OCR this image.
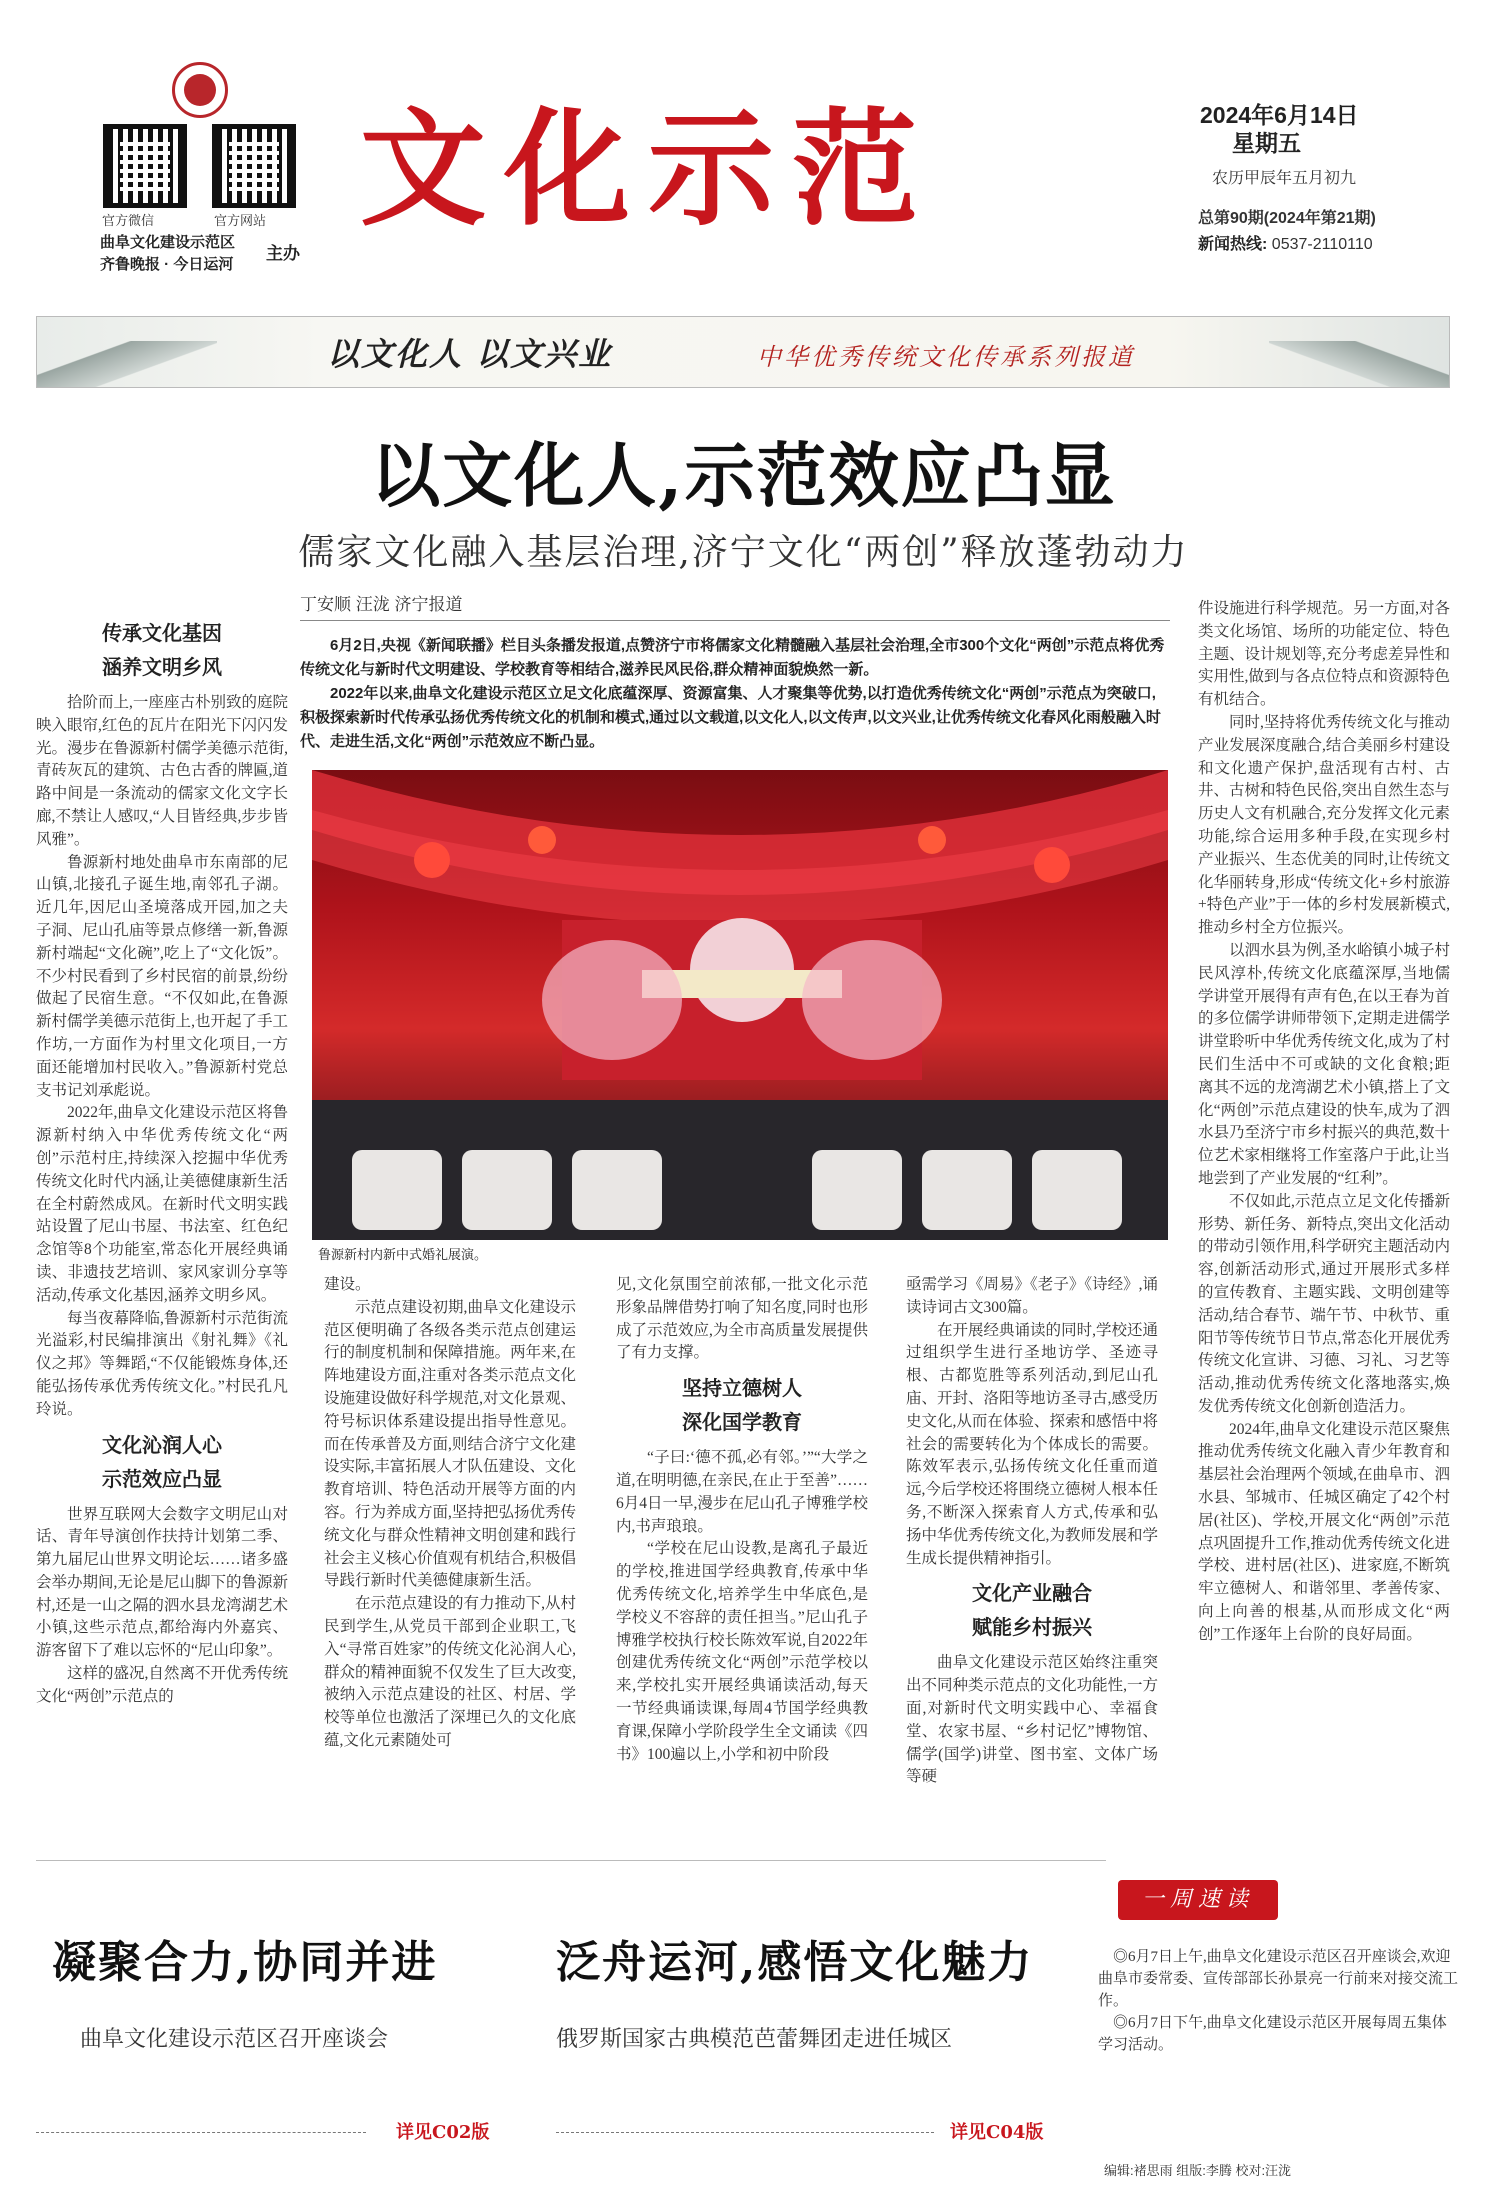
官方微信	官方网站
曲阜文化建设示范区
齐鲁晚报 · 今日运河
主办
文化示范	2024年6月14日
星期五
农历甲辰年五月初九
总第90期(2024年第21期)
新闻热线: 0537-2110110
以文化人 以文兴业	中华优秀传统文化传承系列报道
以文化人,示范效应凸显
儒家文化融入基层治理,济宁文化“两创”释放蓬勃动力
丁安顺 汪泷 济宁报道

6月2日,央视《新闻联播》栏目头条播发报道,点赞济宁市将儒家文化精髓融入基层社会治理,全市300个文化“两创”示范点将优秀传统文化与新时代文明建设、学校教育等相结合,滋养民风民俗,群众精神面貌焕然一新。

2022年以来,曲阜文化建设示范区立足文化底蕴深厚、资源富集、人才聚集等优势,以打造优秀传统文化“两创”示范点为突破口,积极探索新时代传承弘扬优秀传统文化的机制和模式,通过以文载道,以文化人,以文传声,以文兴业,让优秀传统文化春风化雨般融入时代、走进生活,文化“两创”示范效应不断凸显。

鲁源新村内新中式婚礼展演。
传承文化基因
涵养文明乡风

拾阶而上,一座座古朴别致的庭院映入眼帘,红色的瓦片在阳光下闪闪发光。漫步在鲁源新村儒学美德示范街,青砖灰瓦的建筑、古色古香的牌匾,道路中间是一条流动的儒家文化文字长廊,不禁让人感叹,“人目皆经典,步步皆风雅”。

鲁源新村地处曲阜市东南部的尼山镇,北接孔子诞生地,南邻孔子湖。近几年,因尼山圣境落成开园,加之夫子洞、尼山孔庙等景点修缮一新,鲁源新村端起“文化碗”,吃上了“文化饭”。不少村民看到了乡村民宿的前景,纷纷做起了民宿生意。“不仅如此,在鲁源新村儒学美德示范街上,也开起了手工作坊,一方面作为村里文化项目,一方面还能增加村民收入。”鲁源新村党总支书记刘承彪说。

2022年,曲阜文化建设示范区将鲁源新村纳入中华优秀传统文化“两创”示范村庄,持续深入挖掘中华优秀传统文化时代内涵,让美德健康新生活在全村蔚然成风。在新时代文明实践站设置了尼山书屋、书法室、红色纪念馆等8个功能室,常态化开展经典诵读、非遗技艺培训、家风家训分享等活动,传承文化基因,涵养文明乡风。

每当夜幕降临,鲁源新村示范街流光溢彩,村民编排演出《射礼舞》《礼仪之邦》等舞蹈,“不仅能锻炼身体,还能弘扬传承优秀传统文化。”村民孔凡玲说。

文化沁润人心
示范效应凸显

世界互联网大会数字文明尼山对话、青年导演创作扶持计划第二季、第九届尼山世界文明论坛……诸多盛会举办期间,无论是尼山脚下的鲁源新村,还是一山之隔的泗水县龙湾湖艺术小镇,这些示范点,都给海内外嘉宾、游客留下了难以忘怀的“尼山印象”。

这样的盛况,自然离不开优秀传统文化“两创”示范点的

建设。

示范点建设初期,曲阜文化建设示范区便明确了各级各类示范点创建运行的制度机制和保障措施。两年来,在阵地建设方面,注重对各类示范点文化设施建设做好科学规范,对文化景观、符号标识体系建设提出指导性意见。而在传承普及方面,则结合济宁文化建设实际,丰富拓展人才队伍建设、文化教育培训、特色活动开展等方面的内容。行为养成方面,坚持把弘扬优秀传统文化与群众性精神文明创建和践行社会主义核心价值观有机结合,积极倡导践行新时代美德健康新生活。

在示范点建设的有力推动下,从村民到学生,从党员干部到企业职工,飞入“寻常百姓家”的传统文化沁润人心,群众的精神面貌不仅发生了巨大改变,被纳入示范点建设的社区、村居、学校等单位也激活了深埋已久的文化底蕴,文化元素随处可

见,文化氛围空前浓郁,一批文化示范形象品牌借势打响了知名度,同时也形成了示范效应,为全市高质量发展提供了有力支撑。

坚持立德树人
深化国学教育

“子曰:‘德不孤,必有邻。’”“大学之道,在明明德,在亲民,在止于至善”……6月4日一早,漫步在尼山孔子博雅学校内,书声琅琅。

“学校在尼山设教,是离孔子最近的学校,推进国学经典教育,传承中华优秀传统文化,培养学生中华底色,是学校义不容辞的责任担当。”尼山孔子博雅学校执行校长陈效军说,自2022年创建优秀传统文化“两创”示范学校以来,学校扎实开展经典诵读活动,每天一节经典诵读课,每周4节国学经典教育课,保障小学阶段学生全文诵读《四书》100遍以上,小学和初中阶段

亟需学习《周易》《老子》《诗经》,诵读诗词古文300篇。

在开展经典诵读的同时,学校还通过组织学生进行圣地访学、圣迹寻根、古都览胜等系列活动,到尼山孔庙、开封、洛阳等地访圣寻古,感受历史文化,从而在体验、探索和感悟中将社会的需要转化为个体成长的需要。陈效军表示,弘扬传统文化任重而道远,今后学校还将围绕立德树人根本任务,不断深入探索育人方式,传承和弘扬中华优秀传统文化,为教师发展和学生成长提供精神指引。

文化产业融合
赋能乡村振兴

曲阜文化建设示范区始终注重突出不同种类示范点的文化功能性,一方面,对新时代文明实践中心、幸福食堂、农家书屋、“乡村记忆”博物馆、儒学(国学)讲堂、图书室、文体广场等硬

件设施进行科学规范。另一方面,对各类文化场馆、场所的功能定位、特色主题、设计规划等,充分考虑差异性和实用性,做到与各点位特点和资源特色有机结合。

同时,坚持将优秀传统文化与推动产业发展深度融合,结合美丽乡村建设和文化遗产保护,盘活现有古村、古井、古树和特色民俗,突出自然生态与历史人文有机融合,充分发挥文化元素功能,综合运用多种手段,在实现乡村产业振兴、生态优美的同时,让传统文化华丽转身,形成“传统文化+乡村旅游+特色产业”于一体的乡村发展新模式,推动乡村全方位振兴。

以泗水县为例,圣水峪镇小城子村民风淳朴,传统文化底蕴深厚,当地儒学讲堂开展得有声有色,在以王春为首的多位儒学讲师带领下,定期走进儒学讲堂聆听中华优秀传统文化,成为了村民们生活中不可或缺的文化食粮;距离其不远的龙湾湖艺术小镇,搭上了文化“两创”示范点建设的快车,成为了泗水县乃至济宁市乡村振兴的典范,数十位艺术家相继将工作室落户于此,让当地尝到了产业发展的“红利”。

不仅如此,示范点立足文化传播新形势、新任务、新特点,突出文化活动的带动引领作用,科学研究主题活动内容,创新活动形式,通过开展形式多样的宣传教育、主题实践、文明创建等活动,结合春节、端午节、中秋节、重阳节等传统节日节点,常态化开展优秀传统文化宣讲、习德、习礼、习艺等活动,推动优秀传统文化落地落实,焕发优秀传统文化创新创造活力。

2024年,曲阜文化建设示范区聚焦推动优秀传统文化融入青少年教育和基层社会治理两个领域,在曲阜市、泗水县、邹城市、任城区确定了42个村居(社区)、学校,开展文化“两创”示范点巩固提升工作,推动优秀传统文化进学校、进村居(社区)、进家庭,不断筑牢立德树人、和谐邻里、孝善传家、向上向善的根基,从而形成文化“两创”工作逐年上台阶的良好局面。

凝聚合力,协同并进
曲阜文化建设示范区召开座谈会
详见C02版
泛舟运河,感悟文化魅力
俄罗斯国家古典模范芭蕾舞团走进任城区
详见C04版
一周速读

◎6月7日上午,曲阜文化建设示范区召开座谈会,欢迎曲阜市委常委、宣传部部长孙景亮一行前来对接交流工作。

◎6月7日下午,曲阜文化建设示范区开展每周五集体学习活动。

编辑:褚思雨 组版:李腾 校对:汪泷
